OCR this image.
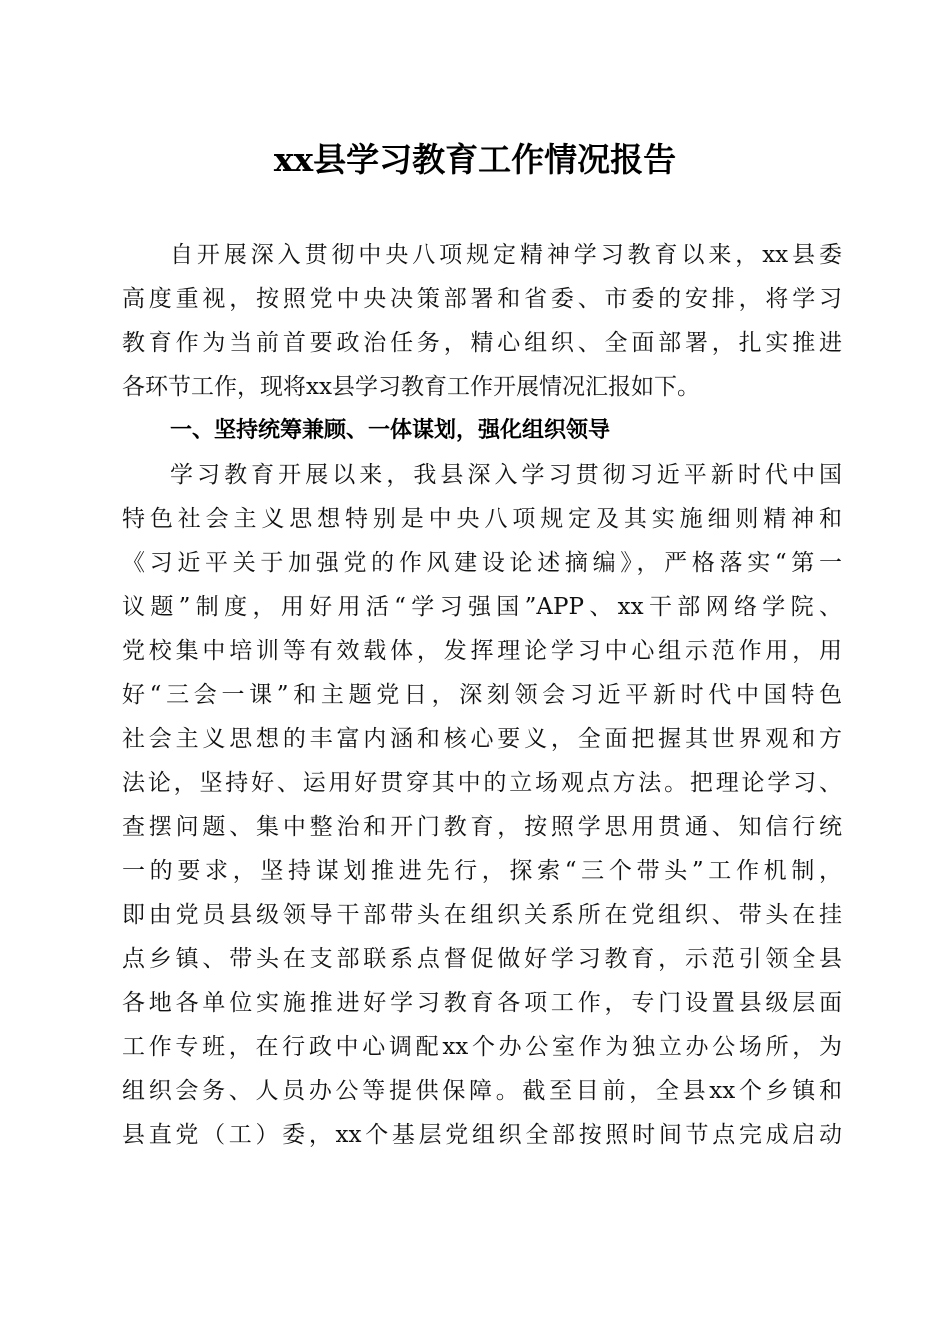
xx县学习教育工作情况报告
自开展深入贯彻中央八项规定精神学习教育以来，xx县委
高度重视，按照党中央决策部署和省委、市委的安排，将学习
教育作为当前首要政治任务，精心组织、全面部署，扎实推进
各环节工作，现将xx县学习教育工作开展情况汇报如下。
一、坚持统筹兼顾、一体谋划，强化组织领导
学习教育开展以来，我县深入学习贯彻习近平新时代中国
特色社会主义思想特别是中央八项规定及其实施细则精神和
《习近平关于加强党的作风建设论述摘编》，严格落实“第一
议题”制度，用好用活“学习强国”APP、xx干部网络学院、
党校集中培训等有效载体，发挥理论学习中心组示范作用，用
好“三会一课”和主题党日，深刻领会习近平新时代中国特色
社会主义思想的丰富内涵和核心要义，全面把握其世界观和方
法论，坚持好、运用好贯穿其中的立场观点方法。把理论学习、
查摆问题、集中整治和开门教育，按照学思用贯通、知信行统
一的要求，坚持谋划推进先行，探索“三个带头”工作机制，
即由党员县级领导干部带头在组织关系所在党组织、带头在挂
点乡镇、带头在支部联系点督促做好学习教育，示范引领全县
各地各单位实施推进好学习教育各项工作，专门设置县级层面
工作专班，在行政中心调配xx个办公室作为独立办公场所，为
组织会务、人员办公等提供保障。截至目前，全县xx个乡镇和
县直党（工）委，xx个基层党组织全部按照时间节点完成启动
